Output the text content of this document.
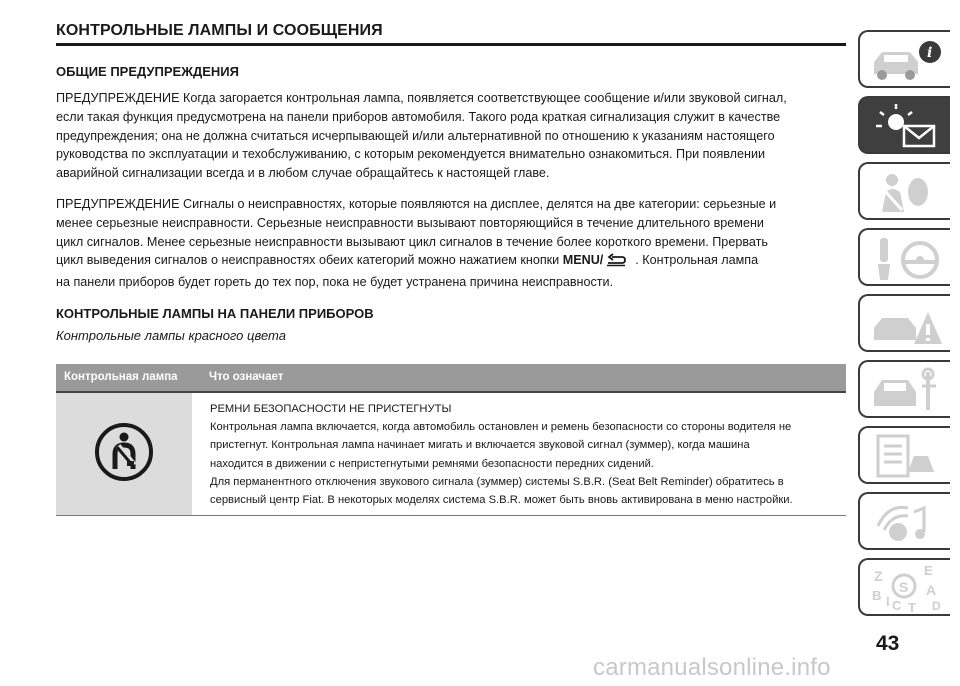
КОНТРОЛЬНЫЕ ЛАМПЫ И СООБЩЕНИЯ
ОБЩИЕ ПРЕДУПРЕЖДЕНИЯ

ПРЕДУПРЕЖДЕНИЕ Когда загорается контрольная лампа, появляется соответствующее сообщение и/или звуковой сигнал,
если такая функция предусмотрена на панели приборов автомобиля. Такого рода краткая сигнализация служит в качестве
предупреждения; она не должна считаться исчерпывающей и/или альтернативной по отношению к указаниям настоящего
руководства по эксплуатации и техобслуживанию, с которым рекомендуется внимательно ознакомиться. При появлении
аварийной сигнализации всегда и в любом случае обращайтесь к настоящей главе.

ПРЕДУПРЕЖДЕНИЕ Сигналы о неисправностях, которые появляются на дисплее, делятся на две категории: серьезные и
менее серьезные неисправности. Серьезные неисправности вызывают повторяющийся в течение длительного времени
цикл сигналов. Менее серьезные неисправности вызывают цикл сигналов в течение более короткого времени. Прервать
цикл выведения сигналов о неисправностях обеих категорий можно нажатием кнопки MENU/	. Контрольная лампа
на панели приборов будет гореть до тех пор, пока не будет устранена причина неисправности.

КОНТРОЛЬНЫЕ ЛАМПЫ НА ПАНЕЛИ ПРИБОРОВ
Контрольные лампы красного цвета
Контрольная лампа	Что означает
РЕМНИ БЕЗОПАСНОСТИ НЕ ПРИСТЕГНУТЫ
Контрольная лампа включается, когда автомобиль остановлен и ремень безопасности со стороны водителя не
пристегнут. Контрольная лампа начинает мигать и включается звуковой сигнал (зуммер), когда машина
находится в движении с непристегнутыми ремнями безопасности передних сидений.
Для перманентного отключения звукового сигнала (зуммер) системы S.B.R. (Seat Belt Reminder) обратитесь в
сервисный центр Fiat. В некоторых моделях система S.B.R. может быть вновь активирована в меню настройки.
i
Z	E
B	A
C T D
S
I
43
carmanualsonline.info
